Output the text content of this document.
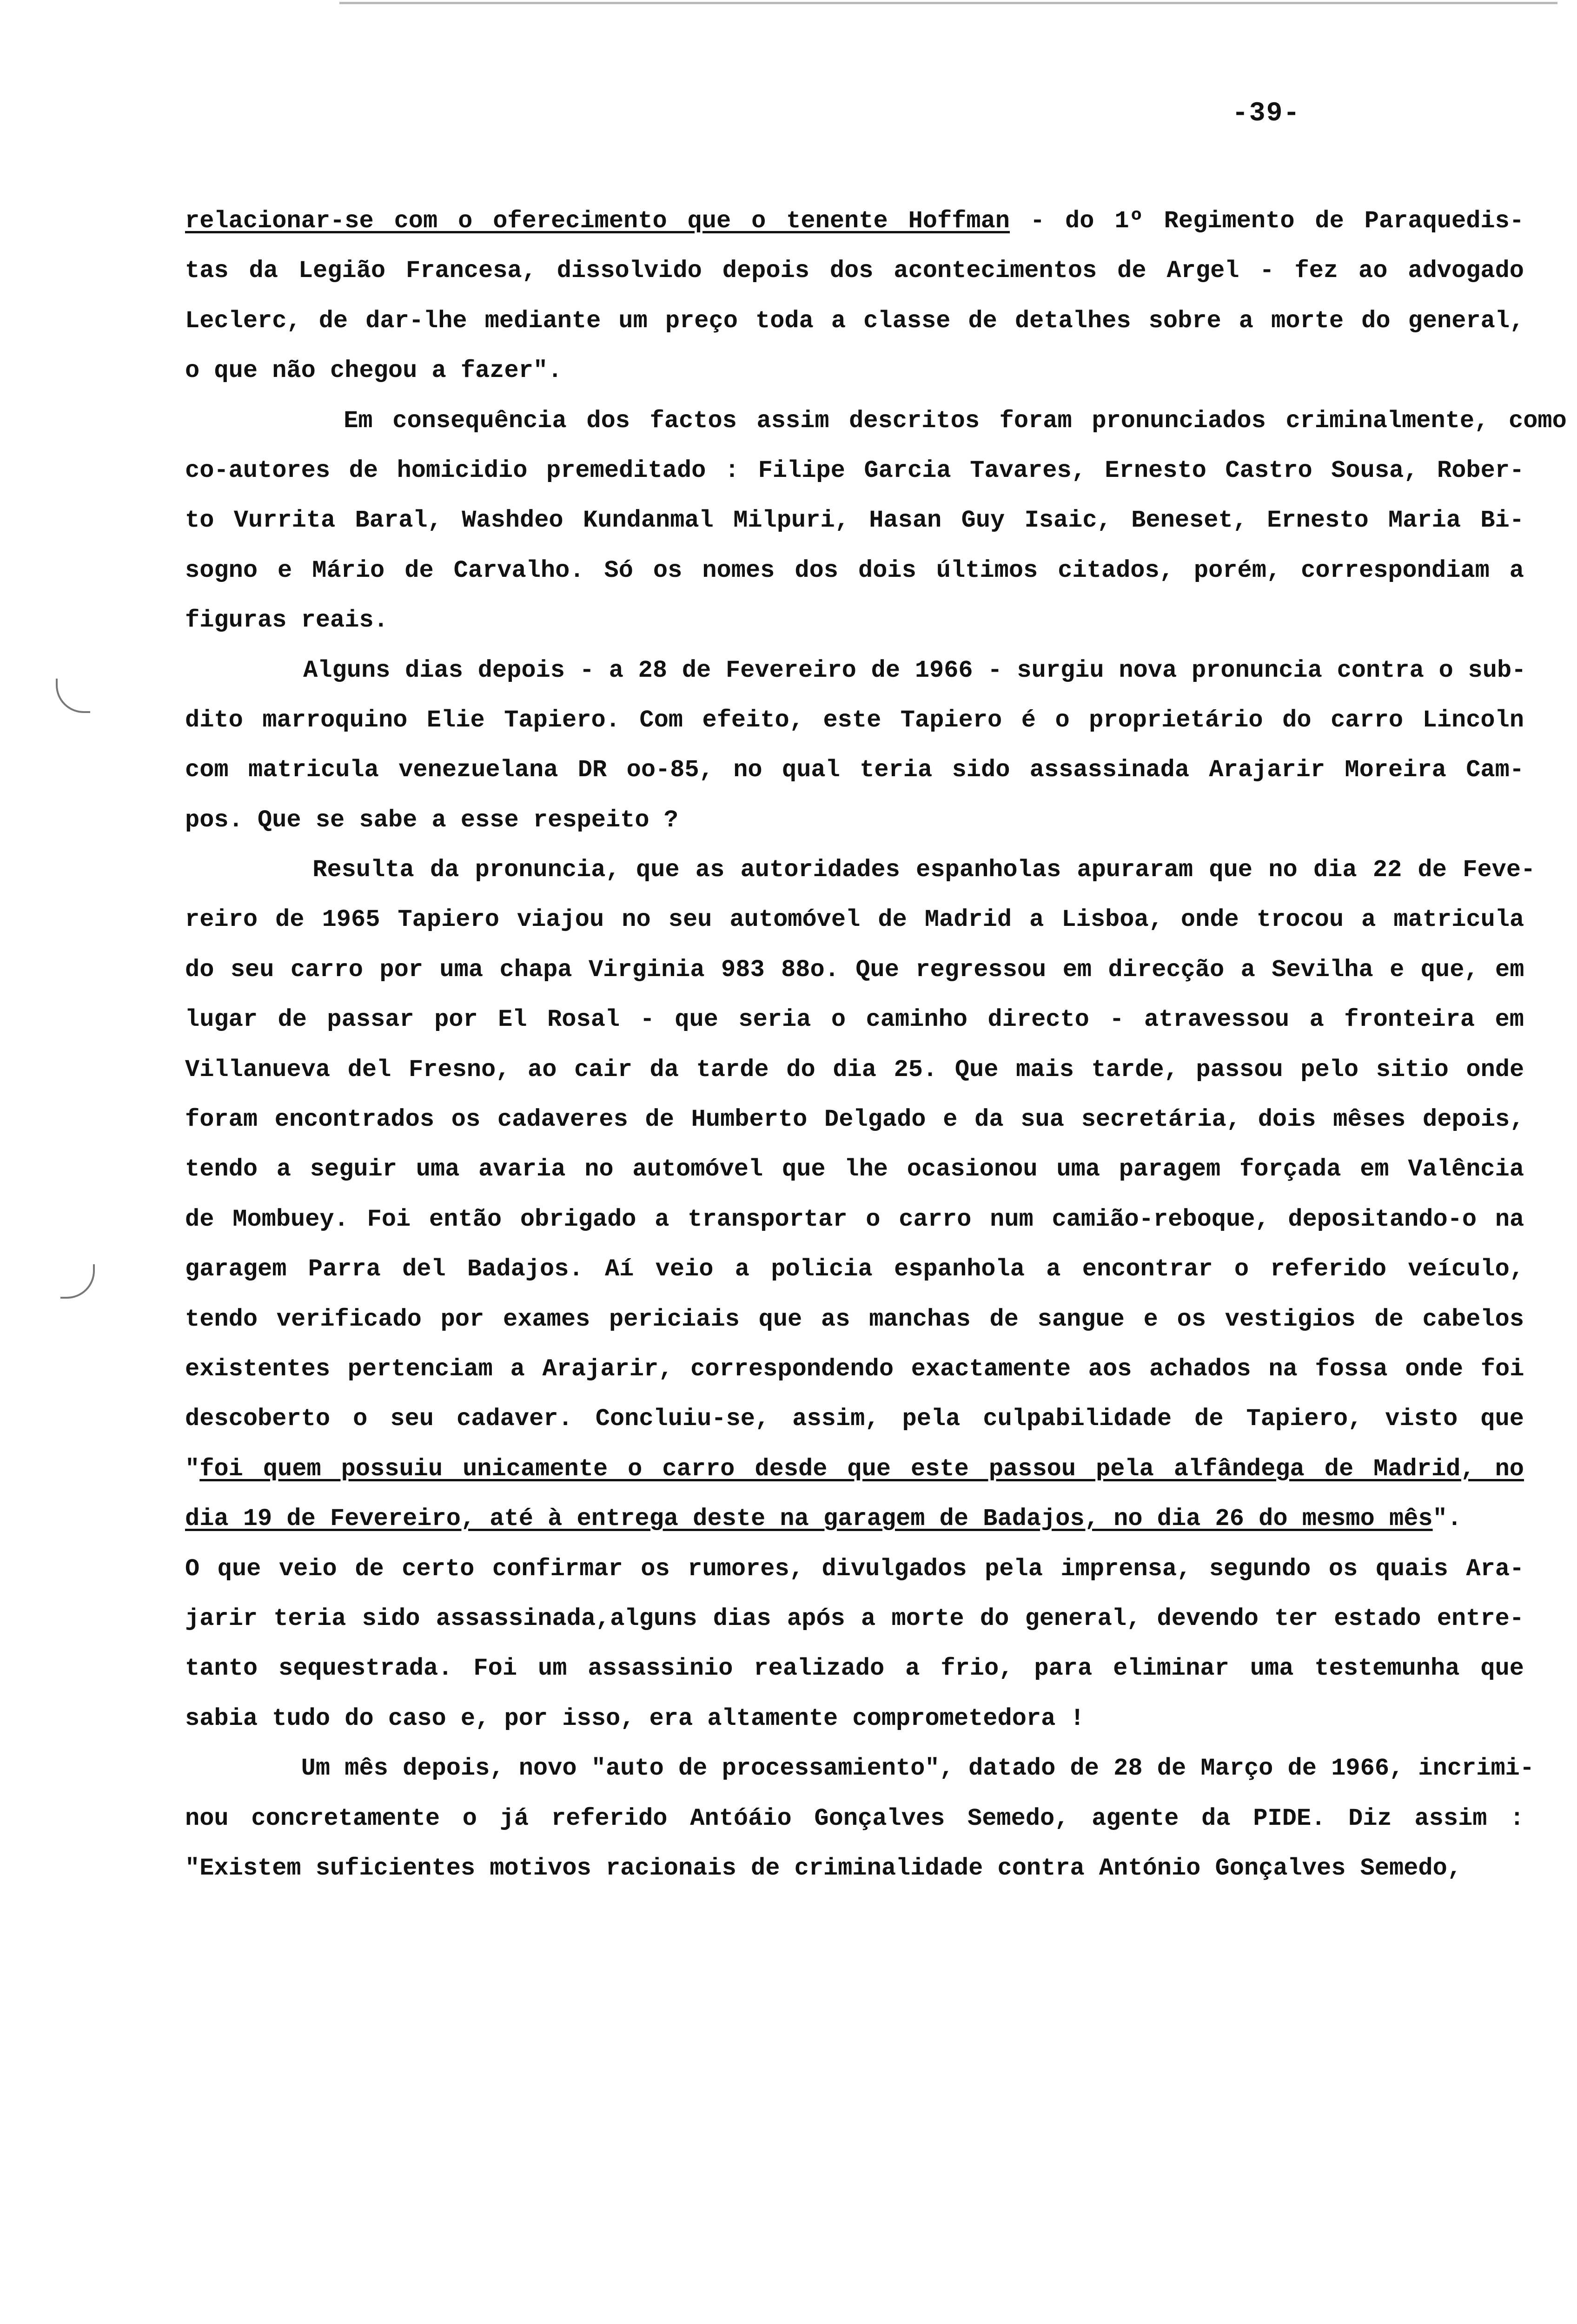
-39-
relacionar-se com o oferecimento que o tenente Hoffman - do 1º Regimento de Paraquedis-
tas da Legião Francesa, dissolvido depois dos acontecimentos de Argel - fez ao advogado
Leclerc, de dar-lhe mediante um preço toda a classe de detalhes sobre a morte do general,
o que não chegou a fazer".
Em consequência dos factos assim descritos foram pronunciados criminalmente, como
co-autores de homicidio premeditado : Filipe Garcia Tavares, Ernesto Castro Sousa, Rober-
to Vurrita Baral, Washdeo Kundanmal Milpuri, Hasan Guy Isaic, Beneset, Ernesto Maria Bi-
sogno e Mário de Carvalho. Só os nomes dos dois últimos citados, porém, correspondiam a
figuras reais.
Alguns dias depois - a 28 de Fevereiro de 1966 - surgiu nova pronuncia contra o sub-
dito marroquino Elie Tapiero. Com efeito, este Tapiero é o proprietário do carro Lincoln
com matricula venezuelana DR oo-85, no qual teria sido assassinada Arajarir Moreira Cam-
pos. Que se sabe a esse respeito ?
Resulta da pronuncia, que as autoridades espanholas apuraram que no dia 22 de Feve-
reiro de 1965 Tapiero viajou no seu automóvel de Madrid a Lisboa, onde trocou a matricula
do seu carro por uma chapa Virginia 983 88o. Que regressou em direcção a Sevilha e que, em
lugar de passar por El Rosal - que seria o caminho directo - atravessou a fronteira em
Villanueva del Fresno, ao cair da tarde do dia 25. Que mais tarde, passou pelo sitio onde
foram encontrados os cadaveres de Humberto Delgado e da sua secretária, dois mêses depois,
tendo a seguir uma avaria no automóvel que lhe ocasionou uma paragem forçada em Valência
de Mombuey. Foi então obrigado a transportar o carro num camião-reboque, depositando-o na
garagem Parra del Badajos. Aí veio a policia espanhola a encontrar o referido veículo,
tendo verificado por exames periciais que as manchas de sangue e os vestigios de cabelos
existentes pertenciam a Arajarir, correspondendo exactamente aos achados na fossa onde foi
descoberto o seu cadaver. Concluiu-se, assim, pela culpabilidade de Tapiero, visto que
"foi quem possuiu unicamente o carro desde que este passou pela alfândega de Madrid, no
dia 19 de Fevereiro, até à entrega deste na garagem de Badajos, no dia 26 do mesmo mês".
O que veio de certo confirmar os rumores, divulgados pela imprensa, segundo os quais Ara-
jarir teria sido assassinada,alguns dias após a morte do general, devendo ter estado entre-
tanto sequestrada. Foi um assassinio realizado a frio, para eliminar uma testemunha que
sabia tudo do caso e, por isso, era altamente comprometedora !
Um mês depois, novo "auto de processamiento", datado de 28 de Março de 1966, incrimi-
nou concretamente o já referido Antóáio Gonçalves Semedo, agente da PIDE. Diz assim :
"Existem suficientes motivos racionais de criminalidade contra António Gonçalves Semedo,
